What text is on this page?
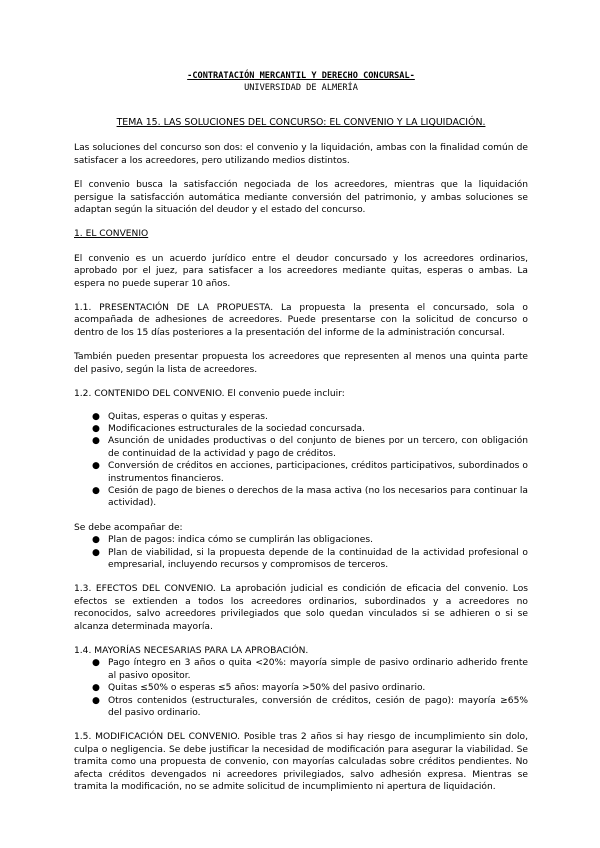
-CONTRATACIÓN MERCANTIL Y DERECHO CONCURSAL-
UNIVERSIDAD DE ALMERÍA
TEMA 15. LAS SOLUCIONES DEL CONCURSO: EL CONVENIO Y LA LIQUIDACIÓN.

Las soluciones del concurso son dos: el convenio y la liquidación, ambas con la finalidad común de satisfacer a los acreedores, pero utilizando medios distintos.

El convenio busca la satisfacción negociada de los acreedores, mientras que la liquidación persigue la satisfacción automática mediante conversión del patrimonio, y ambas soluciones se adaptan según la situación del deudor y el estado del concurso.

1. EL CONVENIO

El convenio es un acuerdo jurídico entre el deudor concursado y los acreedores ordinarios, aprobado por el juez, para satisfacer a los acreedores mediante quitas, esperas o ambas. La espera no puede superar 10 años.

1.1. PRESENTACIÓN DE LA PROPUESTA. La propuesta la presenta el concursado, sola o acompañada de adhesiones de acreedores. Puede presentarse con la solicitud de concurso o dentro de los 15 días posteriores a la presentación del informe de la administración concursal.

También pueden presentar propuesta los acreedores que representen al menos una quinta parte del pasivo, según la lista de acreedores.

1.2. CONTENIDO DEL CONVENIO. El convenio puede incluir:

● Quitas, esperas o quitas y esperas.
● Modificaciones estructurales de la sociedad concursada.
● Asunción de unidades productivas o del conjunto de bienes por un tercero, con obligación de continuidad de la actividad y pago de créditos.
● Conversión de créditos en acciones, participaciones, créditos participativos, subordinados o instrumentos financieros.
● Cesión de pago de bienes o derechos de la masa activa (no los necesarios para continuar la actividad).

Se debe acompañar de:

● Plan de pagos: indica cómo se cumplirán las obligaciones.
● Plan de viabilidad, si la propuesta depende de la continuidad de la actividad profesional o empresarial, incluyendo recursos y compromisos de terceros.

1.3. EFECTOS DEL CONVENIO. La aprobación judicial es condición de eficacia del convenio. Los efectos se extienden a todos los acreedores ordinarios, subordinados y a acreedores no reconocidos, salvo acreedores privilegiados que solo quedan vinculados si se adhieren o si se alcanza determinada mayoría.

1.4. MAYORÍAS NECESARIAS PARA LA APROBACIÓN.

● Pago íntegro en 3 años o quita <20%: mayoría simple de pasivo ordinario adherido frente al pasivo opositor.
● Quitas ≤50% o esperas ≤5 años: mayoría >50% del pasivo ordinario.
● Otros contenidos (estructurales, conversión de créditos, cesión de pago): mayoría ≥65% del pasivo ordinario.

1.5. MODIFICACIÓN DEL CONVENIO. Posible tras 2 años si hay riesgo de incumplimiento sin dolo, culpa o negligencia. Se debe justificar la necesidad de modificación para asegurar la viabilidad. Se tramita como una propuesta de convenio, con mayorías calculadas sobre créditos pendientes. No afecta créditos devengados ni acreedores privilegiados, salvo adhesión expresa. Mientras se tramita la modificación, no se admite solicitud de incumplimiento ni apertura de liquidación.
